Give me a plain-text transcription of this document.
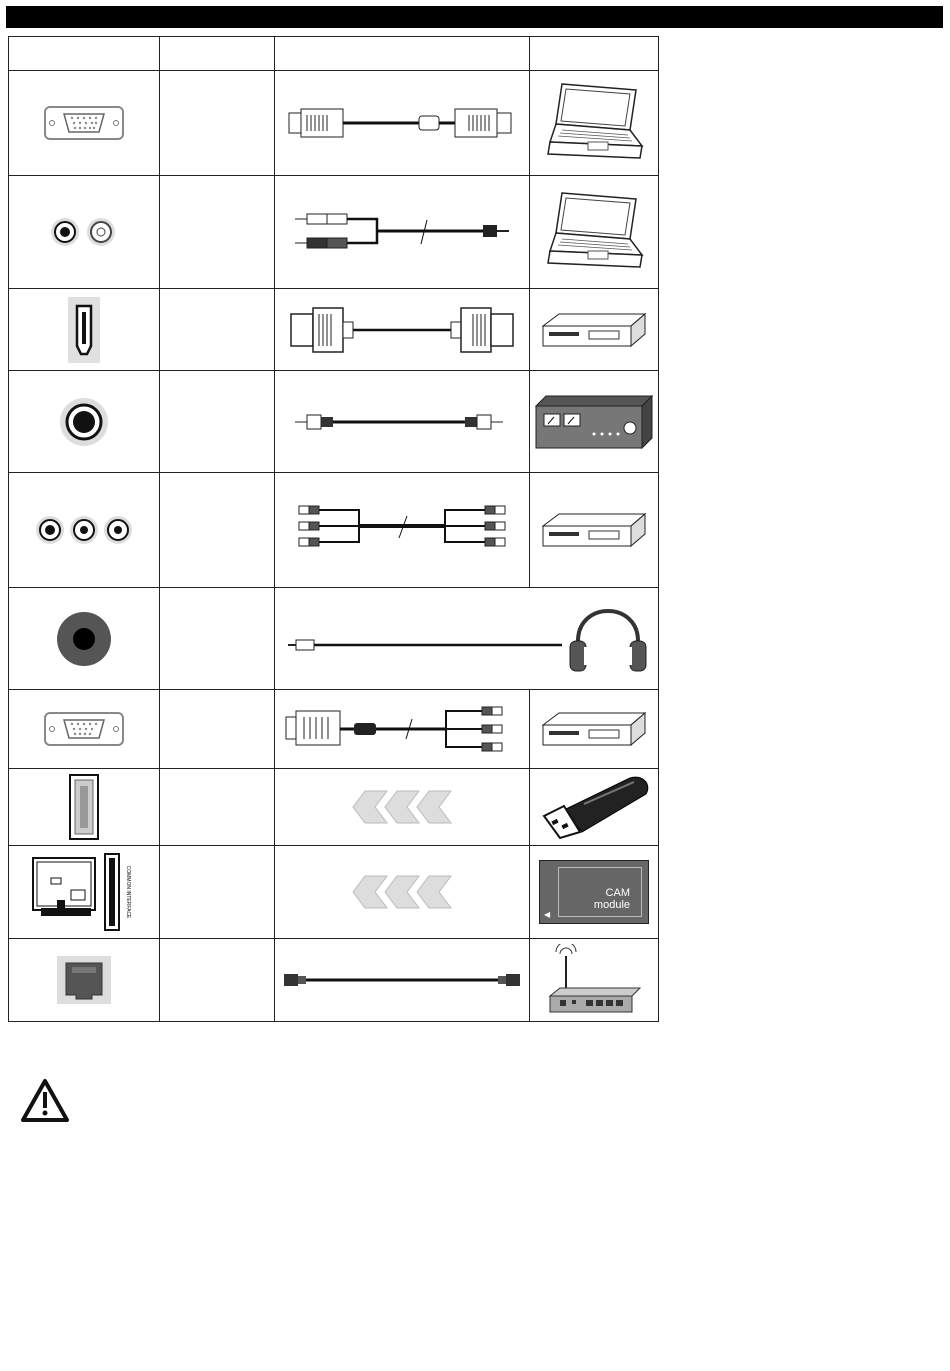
COMMON INTERFACE			◀
CAM
module
